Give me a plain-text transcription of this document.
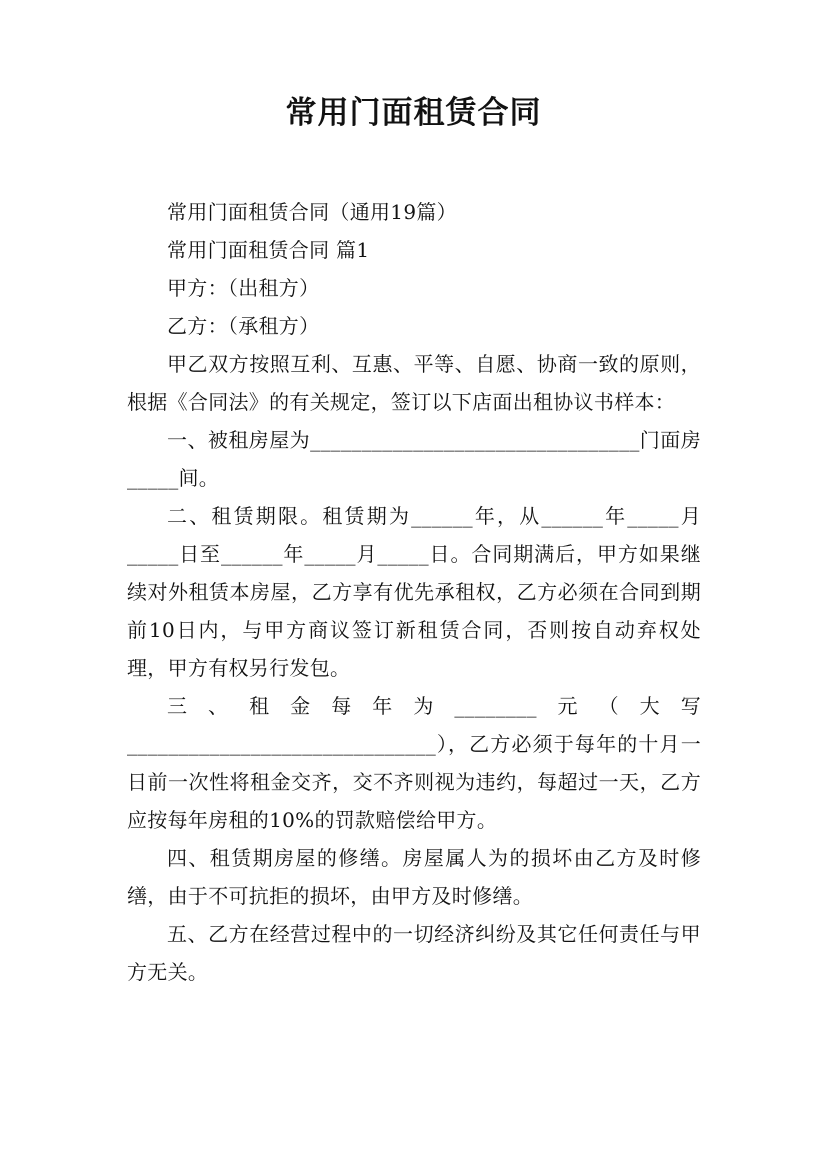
常用门面租赁合同

常用门面租赁合同（通用19篇）

常用门面租赁合同 篇1

甲方：（出租方）

乙方：（承租方）

甲乙双方按照互利、互惠、平等、自愿、协商一致的原则，根据《合同法》的有关规定，签订以下店面出租协议书样本：

一、被租房屋为________________________________门面房_____间。

二、租赁期限。租赁期为______年，从______年_____月_____日至______年_____月_____日。合同期满后，甲方如果继续对外租赁本房屋，乙方享有优先承租权，乙方必须在合同到期前10日内，与甲方商议签订新租赁合同，否则按自动弃权处理，甲方有权另行发包。

三、租金每年为________元（大写______________________________），乙方必须于每年的十月一日前一次性将租金交齐，交不齐则视为违约，每超过一天，乙方应按每年房租的10%的罚款赔偿给甲方。

四、租赁期房屋的修缮。房屋属人为的损坏由乙方及时修缮，由于不可抗拒的损坏，由甲方及时修缮。

五、乙方在经营过程中的一切经济纠纷及其它任何责任与甲方无关。
